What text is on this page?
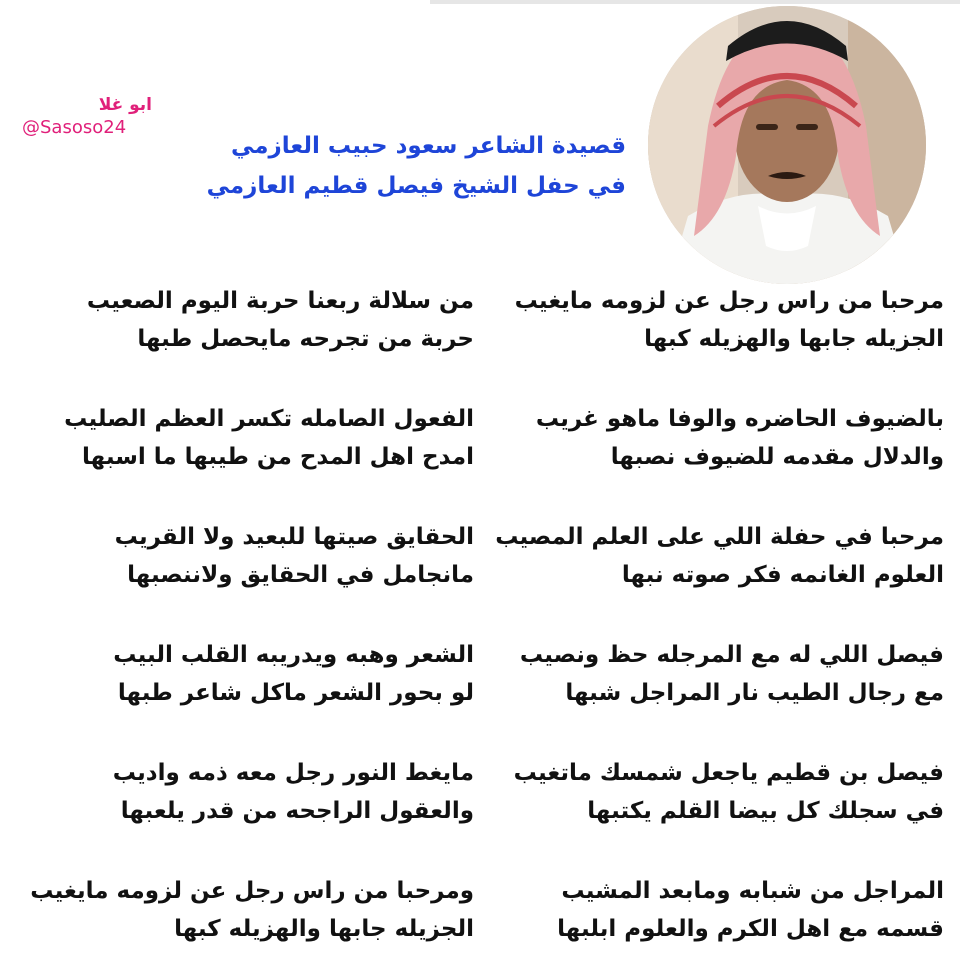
ابو غلا
@Sasoso24
قصيدة الشاعر سعود حبيب العازمي
في حفل الشيخ فيصل قطيم العازمي
مرحبا من راس رجل عن لزومه مايغيب
الجزيله جابها والهزيله كبها
من سلالة ربعنا حربة اليوم الصعيب
حربة من تجرحه مايحصل طبها
بالضيوف الحاضره والوفا ماهو غريب
والدلال مقدمه للضيوف نصبها
الفعول الصامله تكسر العظم الصليب
امدح اهل المدح من طيبها ما اسبها
مرحبا في حفلة اللي على العلم المصيب
العلوم الغانمه فكر صوته نبها
الحقايق صيتها للبعيد ولا القريب
مانجامل في الحقايق ولاننصبها
فيصل اللي له مع المرجله حظ ونصيب
مع رجال الطيب نار المراجل شبها
الشعر وهبه ويدريبه القلب البيب
لو بحور الشعر ماكل شاعر طبها
فيصل بن قطيم ياجعل شمسك ماتغيب
في سجلك كل بيضا القلم يكتبها
مايغط النور رجل معه ذمه واديب
والعقول الراجحه من قدر يلعبها
المراجل من شبابه ومابعد المشيب
قسمه مع اهل الكرم والعلوم ابلبها
ومرحبا من راس رجل عن لزومه مايغيب
الجزيله جابها والهزيله كبها
